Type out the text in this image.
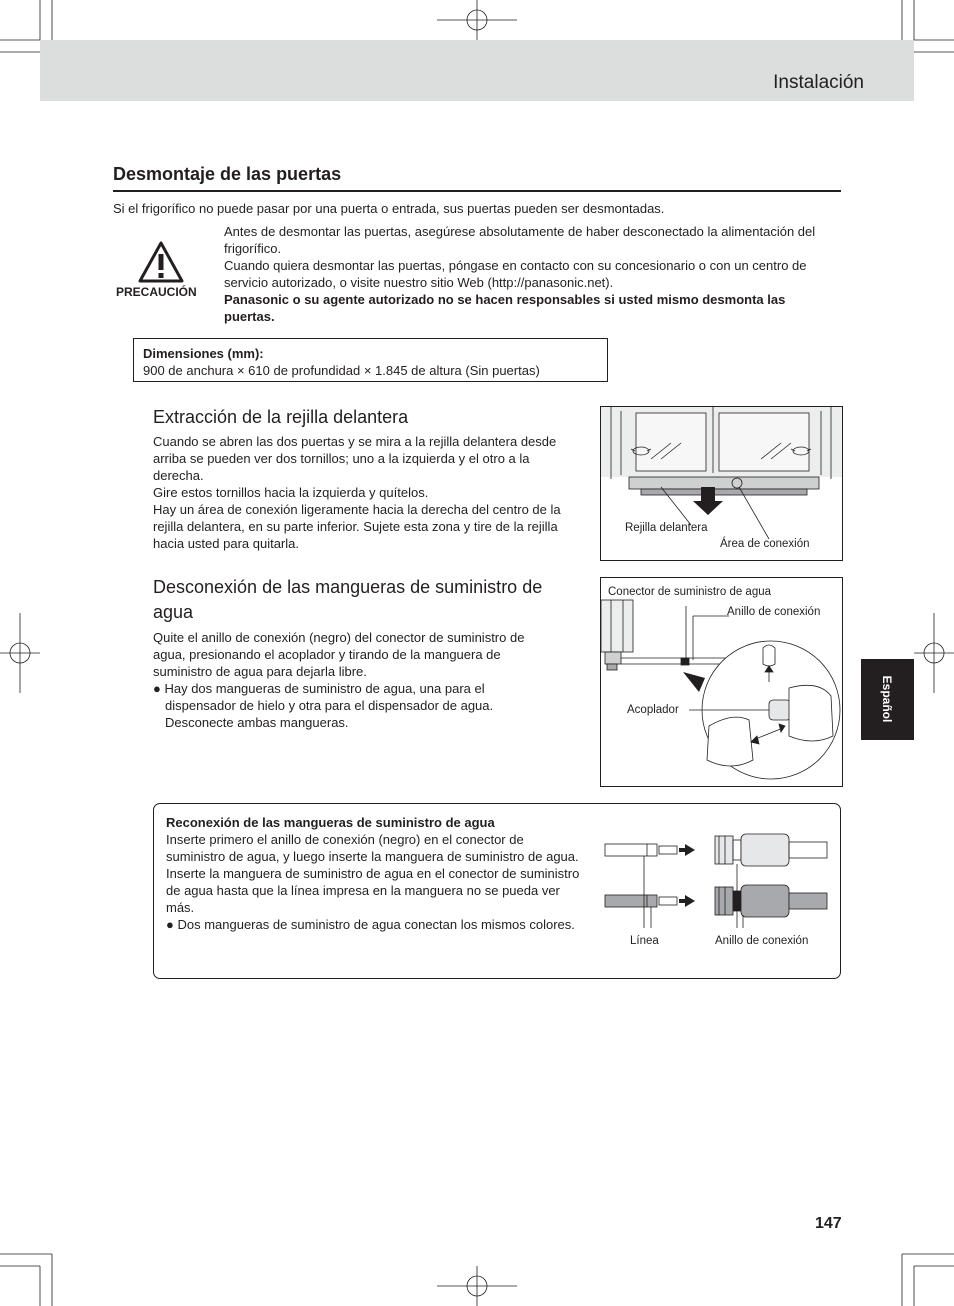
Instalación
Desmontaje de las puertas
Si el frigorífico no puede pasar por una puerta o entrada, sus puertas pueden ser desmontadas.
PRECAUCIÓN

Antes de desmontar las puertas, asegúrese absolutamente de haber desconectado la alimentación del frigorífico.

Cuando quiera desmontar las puertas, póngase en contacto con su concesionario o con un centro de servicio autorizado, o visite nuestro sitio Web (http://panasonic.net).

Panasonic o su agente autorizado no se hacen responsables si usted mismo desmonta las puertas.

Dimensiones (mm):
900 de anchura × 610 de profundidad × 1.845 de altura (Sin puertas)
Extracción de la rejilla delantera

Cuando se abren las dos puertas y se mira a la rejilla delantera desde arriba se pueden ver dos tornillos; uno a la izquierda y el otro a la derecha.

Gire estos tornillos hacia la izquierda y quítelos.

Hay un área de conexión ligeramente hacia la derecha del centro de la rejilla delantera, en su parte inferior. Sujete esta zona y tire de la rejilla hacia usted para quitarla.

Rejilla delantera
Área de conexión
Desconexión de las mangueras de suministro de agua

Quite el anillo de conexión (negro) del conector de suministro de agua, presionando el acoplador y tirando de la manguera de suministro de agua para dejarla libre.

● Hay dos mangueras de suministro de agua, una para el dispensador de hielo y otra para el dispensador de agua. Desconecte ambas mangueras.

Conector de suministro de agua
Anillo de conexión
Acoplador

Reconexión de las mangueras de suministro de agua

Inserte primero el anillo de conexión (negro) en el conector de suministro de agua, y luego inserte la manguera de suministro de agua.

Inserte la manguera de suministro de agua en el conector de suministro de agua hasta que la línea impresa en la manguera no se pueda ver más.

● Dos mangueras de suministro de agua conectan los mismos colores.

Línea	Anillo de conexión
Español
147
